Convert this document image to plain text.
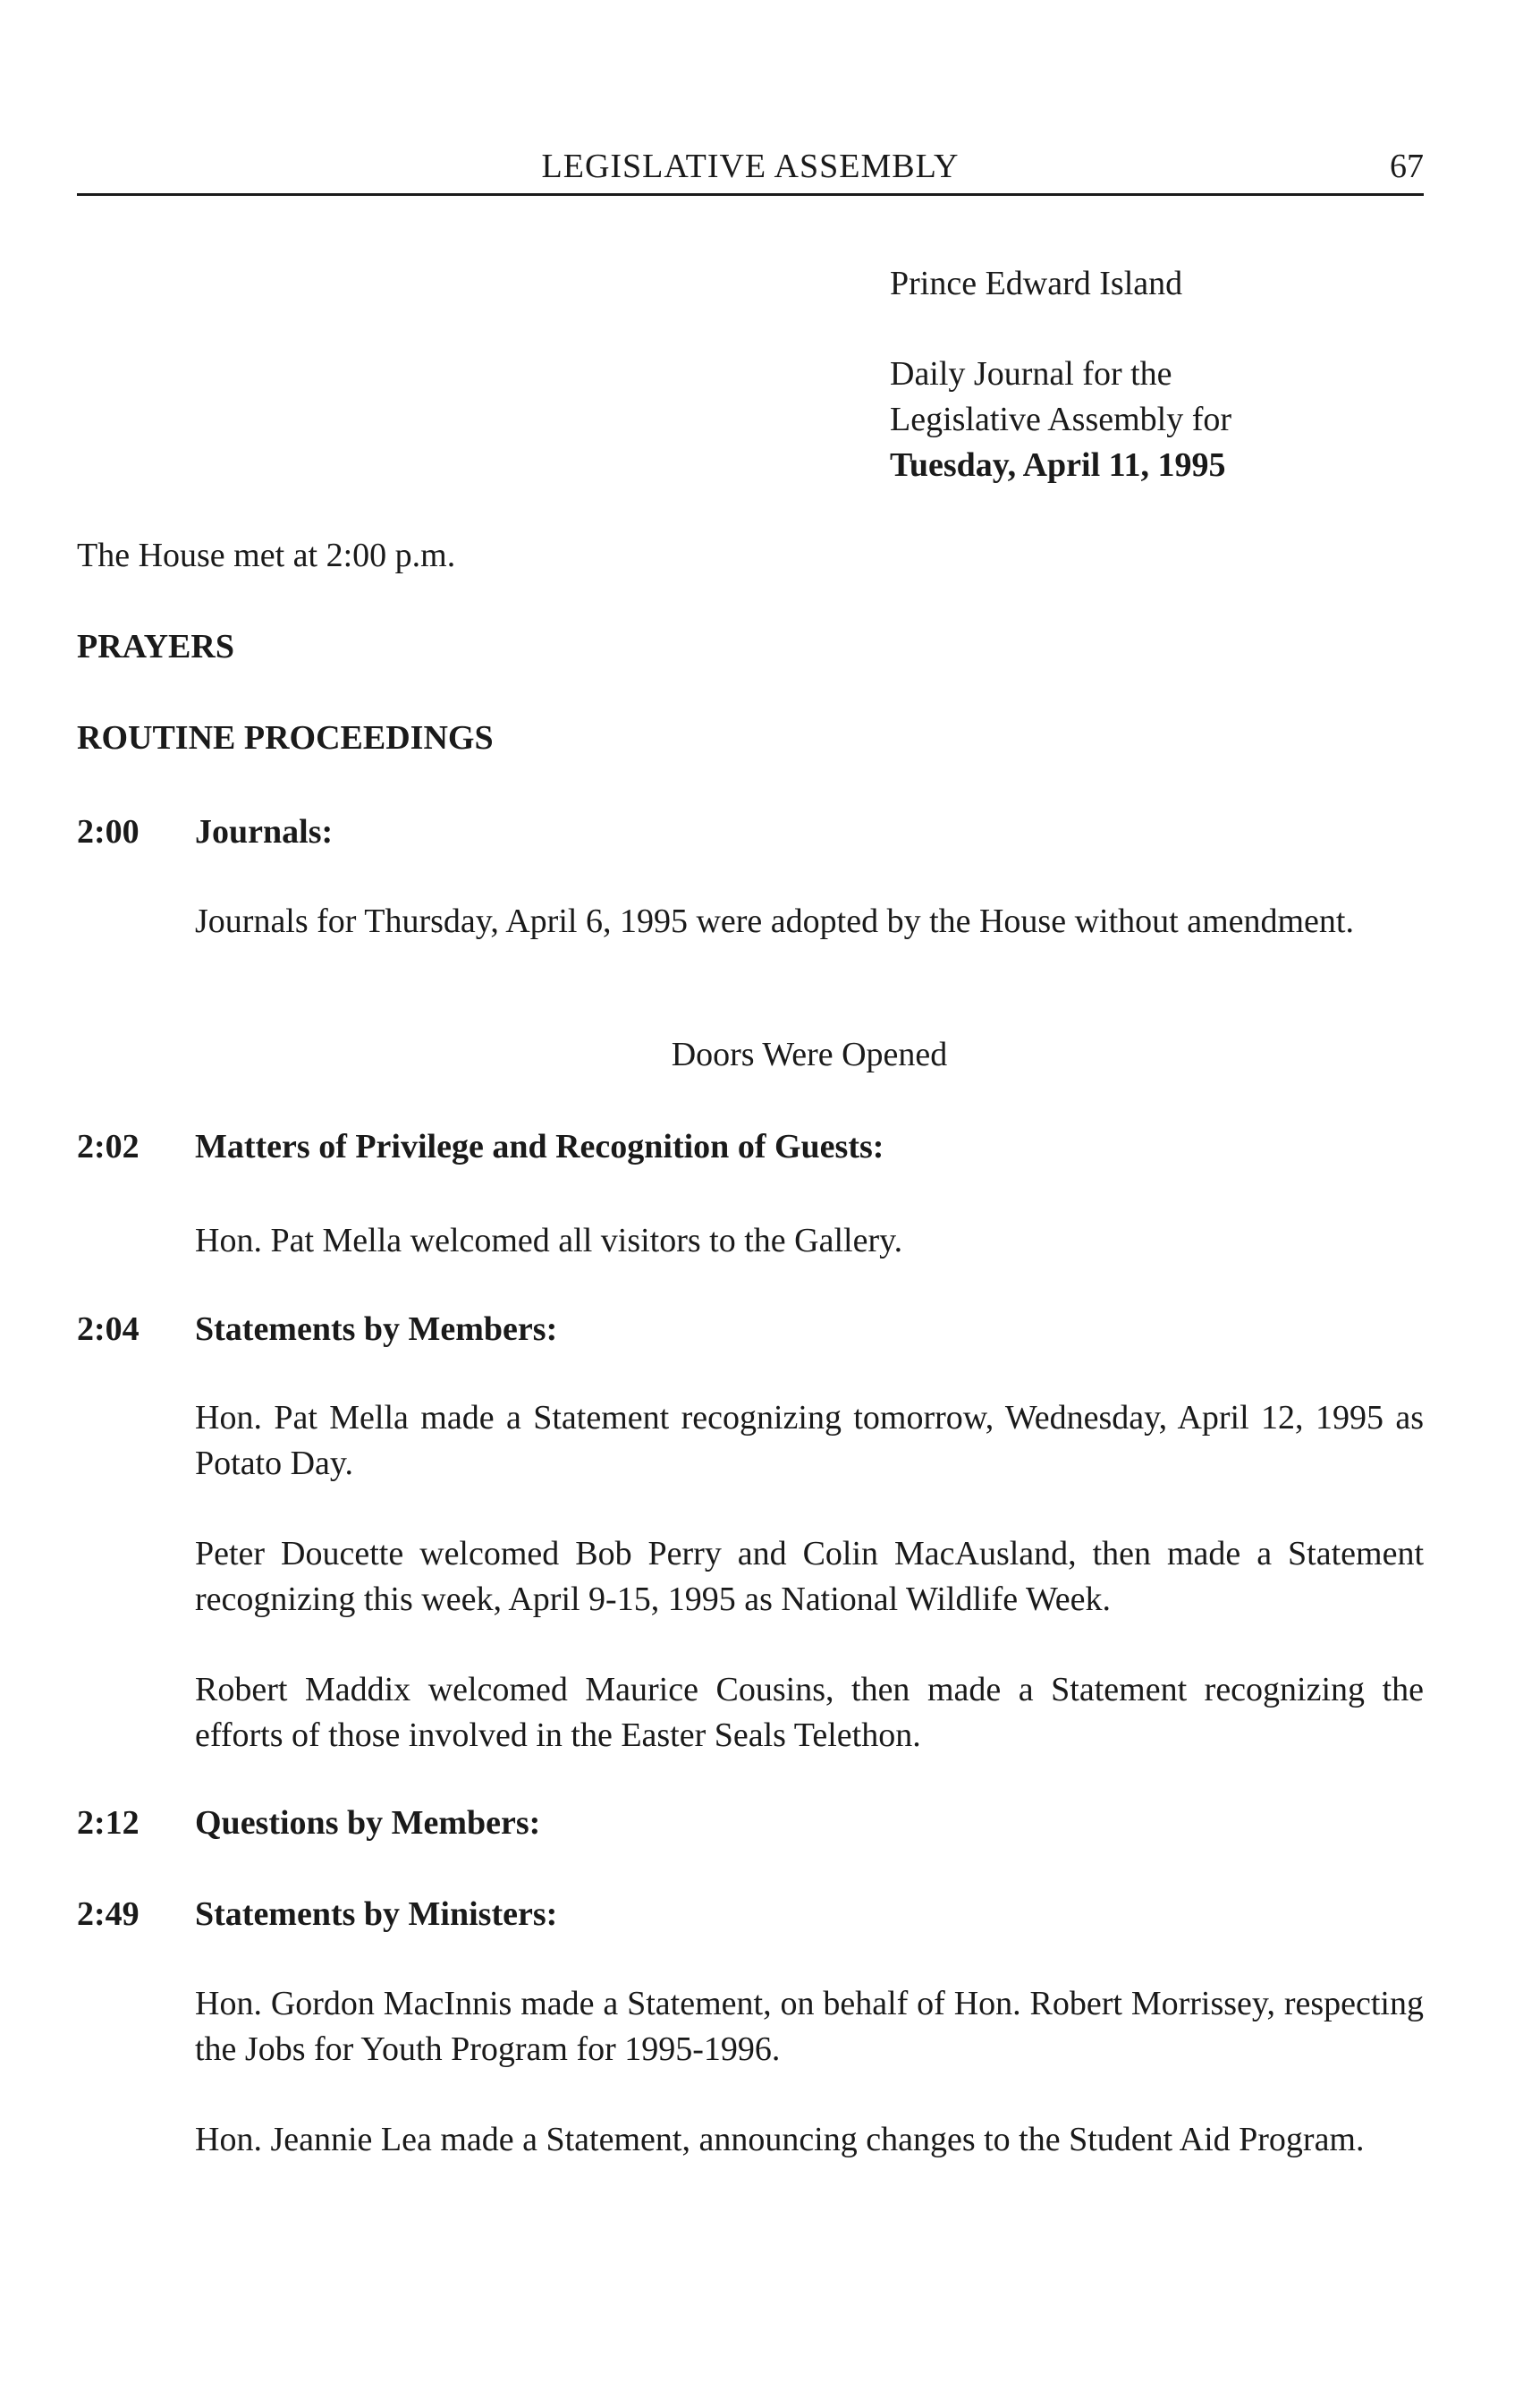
LEGISLATIVE ASSEMBLY	67
Prince Edward Island
Daily Journal for the
Legislative Assembly for
Tuesday, April 11, 1995
The House met at 2:00 p.m.
PRAYERS
ROUTINE PROCEEDINGS
2:00 Journals:
Journals for Thursday, April 6, 1995 were adopted by the House without amendment.
Doors Were Opened
2:02 Matters of Privilege and Recognition of Guests:
Hon. Pat Mella welcomed all visitors to the Gallery.
2:04 Statements by Members:
Hon. Pat Mella made a Statement recognizing tomorrow, Wednesday, April 12, 1995 as Potato Day.
Peter Doucette welcomed Bob Perry and Colin MacAusland, then made a Statement recognizing this week, April 9-15, 1995 as National Wildlife Week.
Robert Maddix welcomed Maurice Cousins, then made a Statement recognizing the efforts of those involved in the Easter Seals Telethon.
2:12 Questions by Members:
2:49 Statements by Ministers:
Hon. Gordon MacInnis made a Statement, on behalf of Hon. Robert Morrissey, respecting the Jobs for Youth Program for 1995-1996.
Hon. Jeannie Lea made a Statement, announcing changes to the Student Aid Program.
